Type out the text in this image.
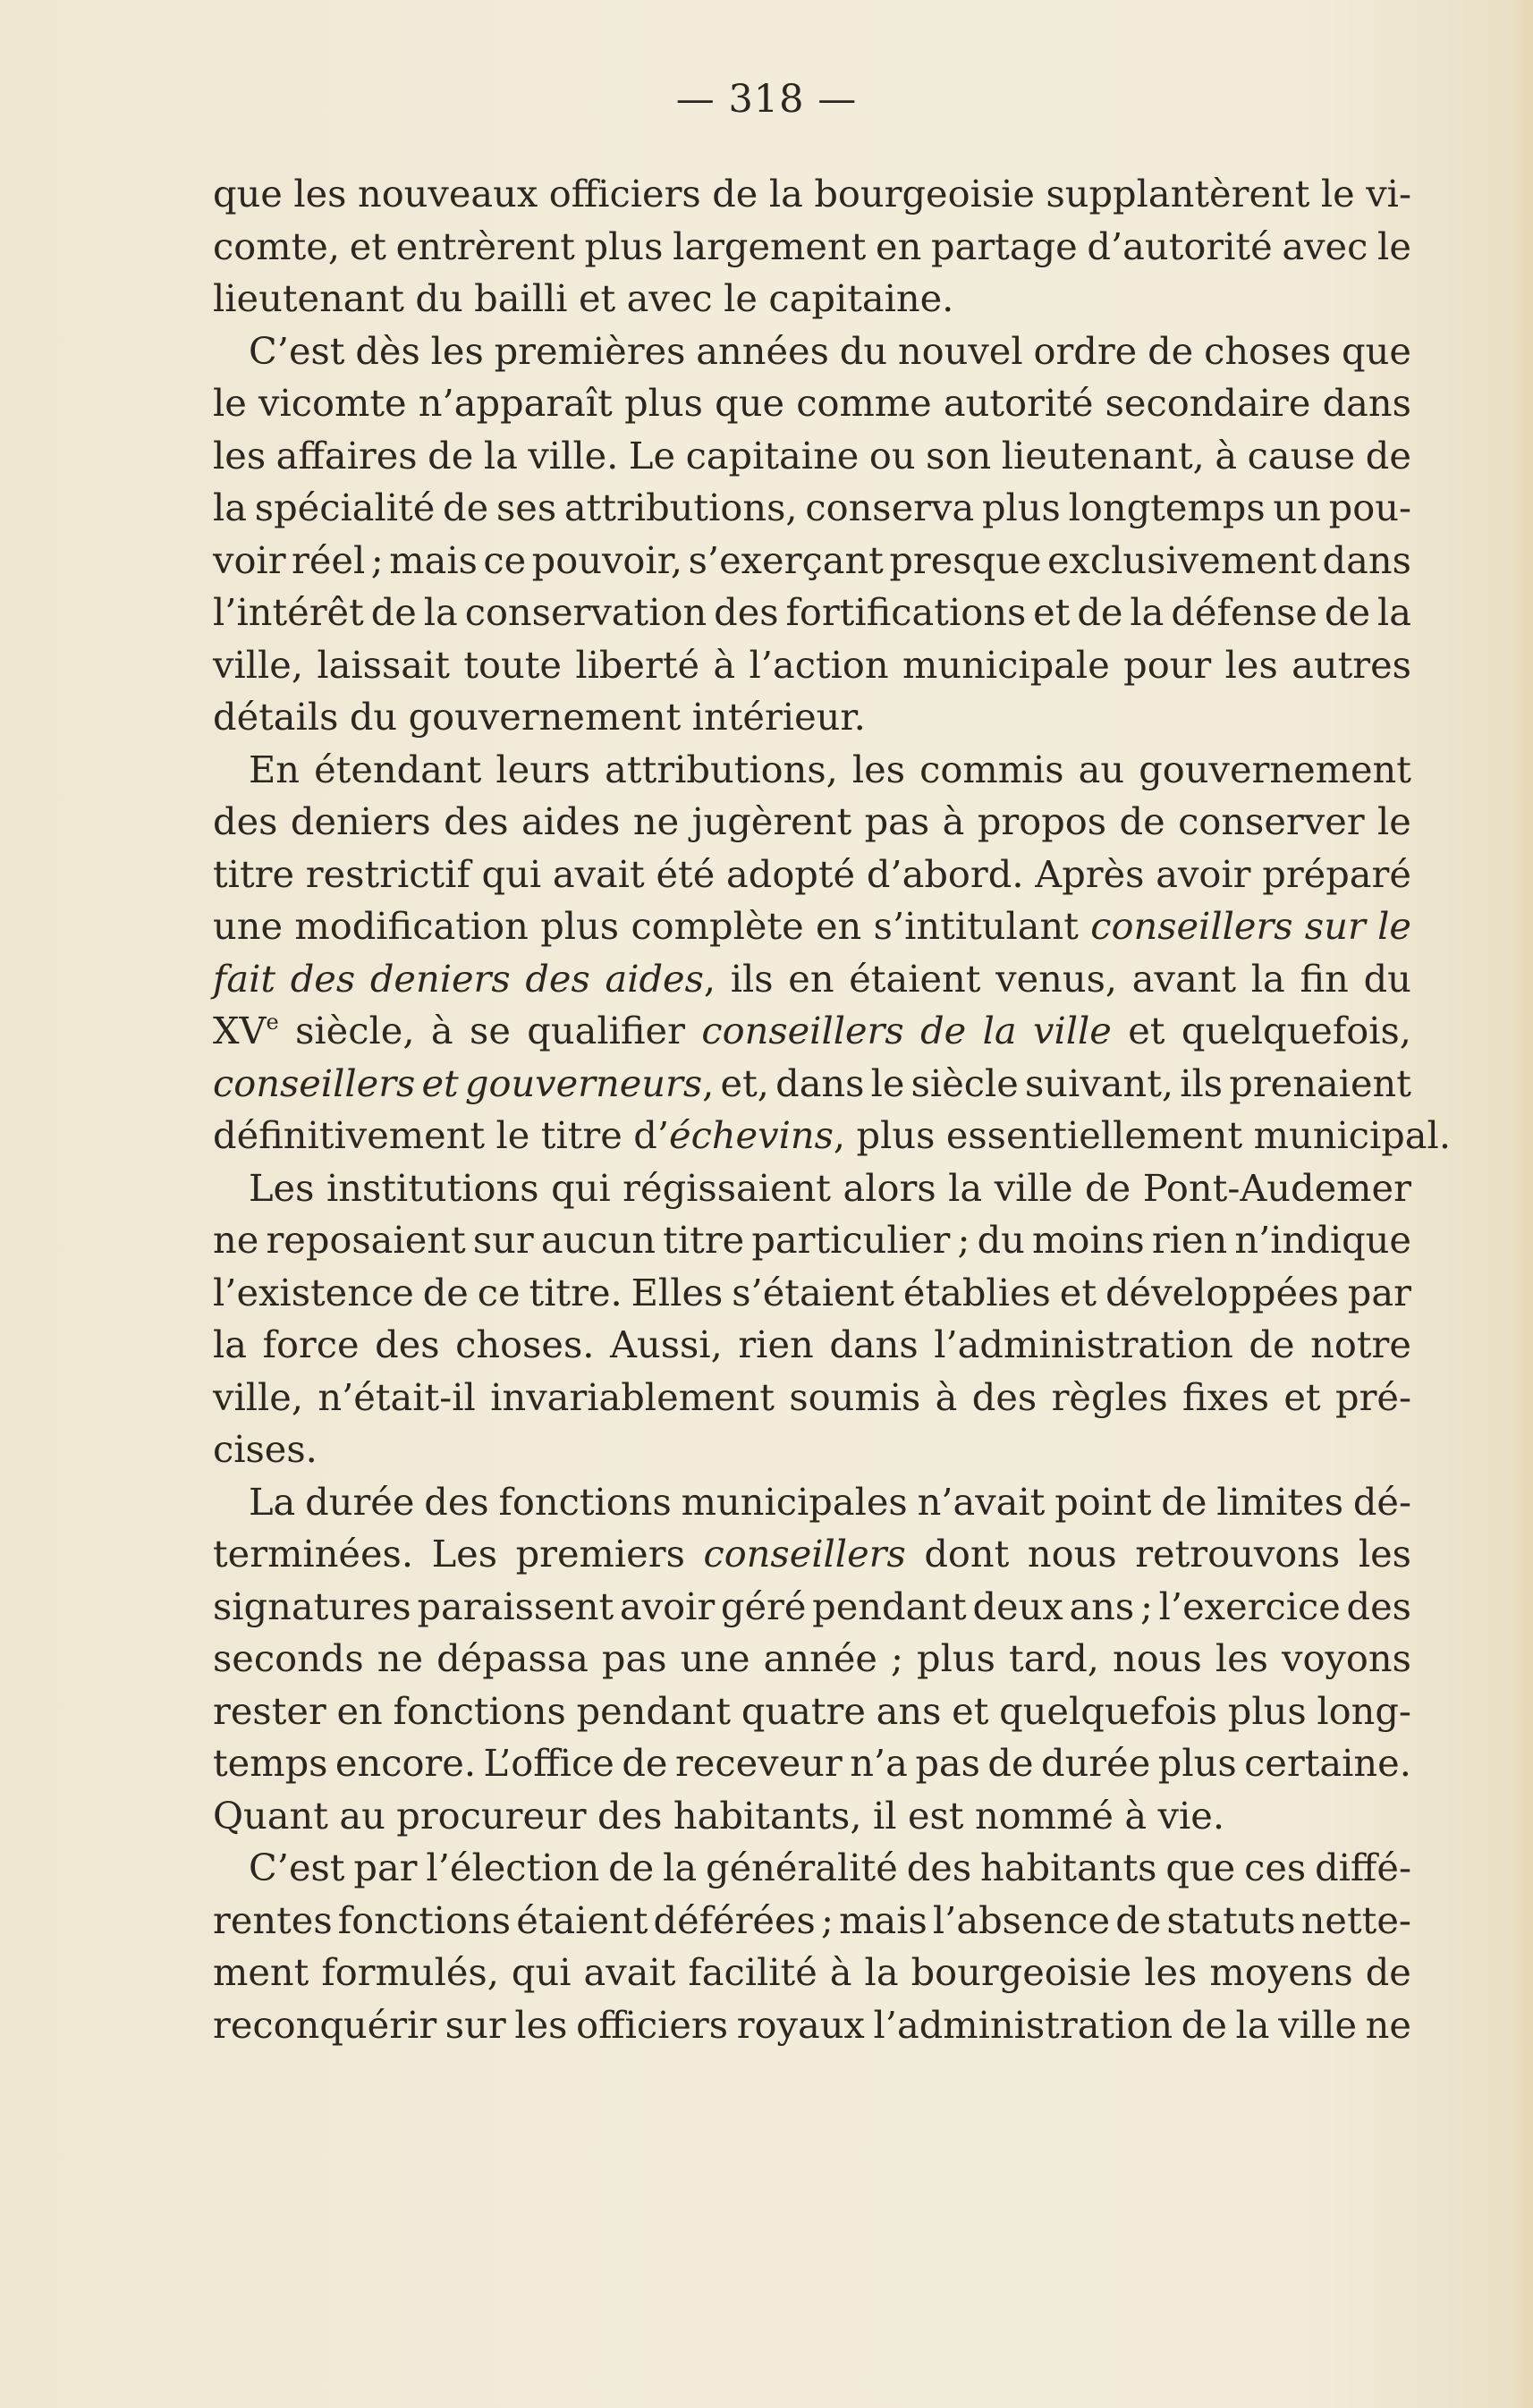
— 318 —
que les nouveaux officiers de la bourgeoisie supplantèrent le vi-
comte, et entrèrent plus largement en partage d’autorité avec le
lieutenant du bailli et avec le capitaine.
C’est dès les premières années du nouvel ordre de choses que
le vicomte n’apparaît plus que comme autorité secondaire dans
les affaires de la ville. Le capitaine ou son lieutenant, à cause de
la spécialité de ses attributions, conserva plus longtemps un pou-
voir réel ; mais ce pouvoir, s’exerçant presque exclusivement dans
l’intérêt de la conservation des fortifications et de la défense de la
ville, laissait toute liberté à l’action municipale pour les autres
détails du gouvernement intérieur.
En étendant leurs attributions, les commis au gouvernement
des deniers des aides ne jugèrent pas à propos de conserver le
titre restrictif qui avait été adopté d’abord. Après avoir préparé
une modification plus complète en s’intitulant conseillers sur le
fait des deniers des aides, ils en étaient venus, avant la fin du
XVe siècle, à se qualifier conseillers de la ville et quelquefois,
conseillers et gouverneurs, et, dans le siècle suivant, ils prenaient
définitivement le titre d’échevins, plus essentiellement municipal.
Les institutions qui régissaient alors la ville de Pont-Audemer
ne reposaient sur aucun titre particulier ; du moins rien n’indique
l’existence de ce titre. Elles s’étaient établies et développées par
la force des choses. Aussi, rien dans l’administration de notre
ville, n’était-il invariablement soumis à des règles fixes et pré-
cises.
La durée des fonctions municipales n’avait point de limites dé-
terminées. Les premiers conseillers dont nous retrouvons les
signatures paraissent avoir géré pendant deux ans ; l’exercice des
seconds ne dépassa pas une année ; plus tard, nous les voyons
rester en fonctions pendant quatre ans et quelquefois plus long-
temps encore. L’office de receveur n’a pas de durée plus certaine.
Quant au procureur des habitants, il est nommé à vie.
C’est par l’élection de la généralité des habitants que ces diffé-
rentes fonctions étaient déférées ; mais l’absence de statuts nette-
ment formulés, qui avait facilité à la bourgeoisie les moyens de
reconquérir sur les officiers royaux l’administration de la ville ne
